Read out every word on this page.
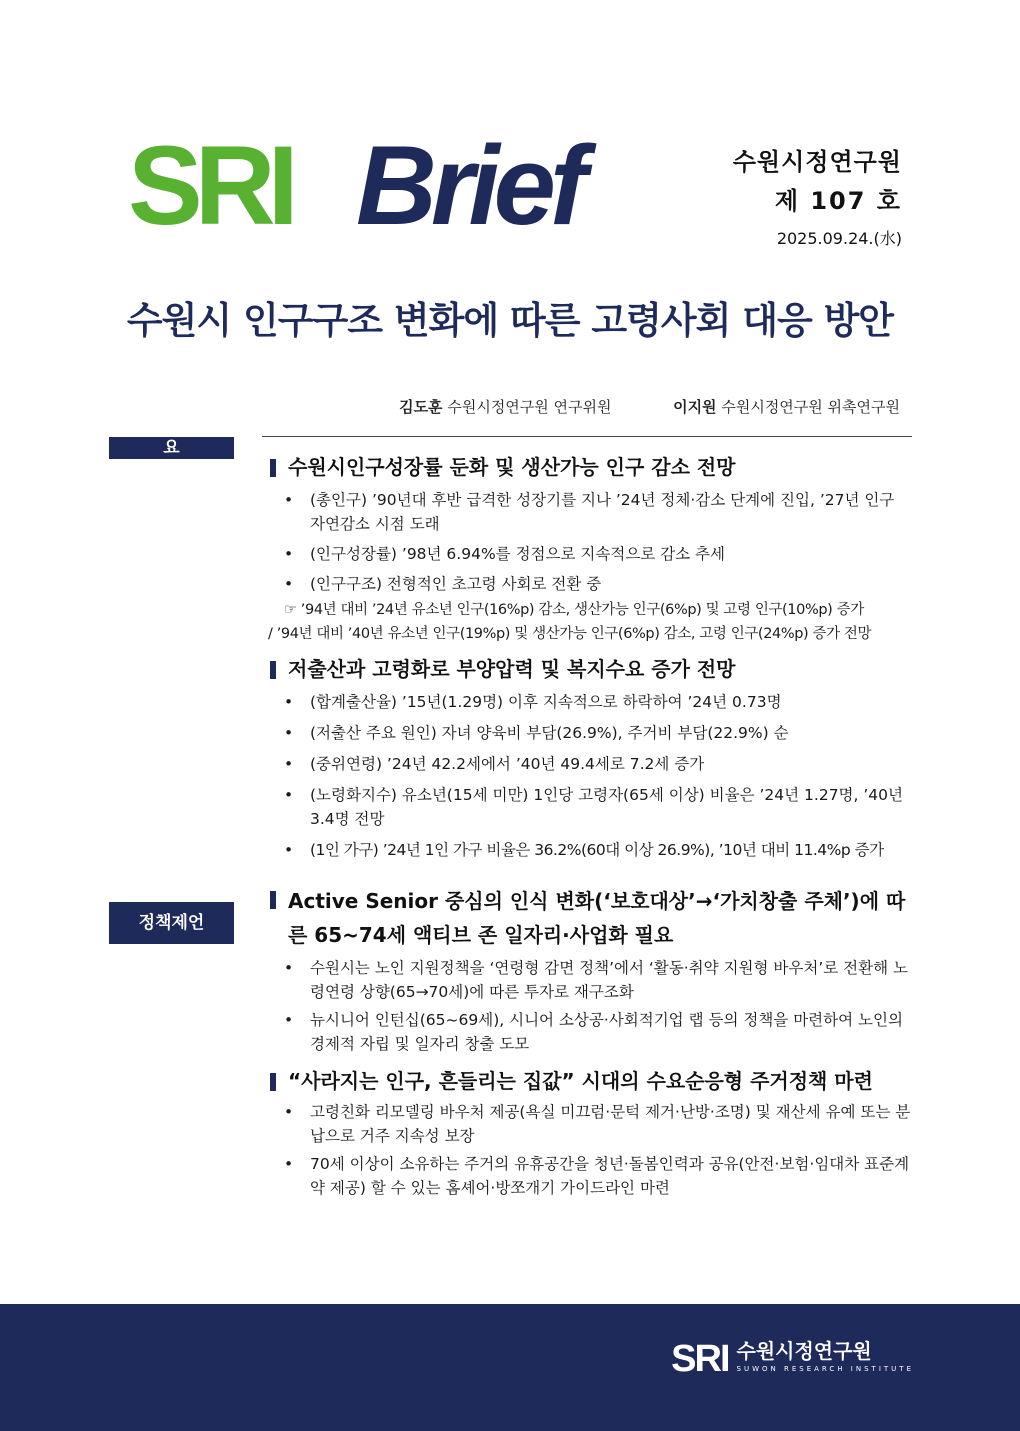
SRI Brief	수원시정연구원
제 107 호
2025.09.24.(水)
수원시 인구구조 변화에 따른 고령사회 대응 방안
김도훈 수원시정연구원 연구위원	이지원 수원시정연구원 위촉연구원
요 약
정책제언
수원시인구성장률 둔화 및 생산가능 인구 감소 전망
• (총인구) ’90년대 후반 급격한 성장기를 지나 ’24년 정체·감소 단계에 진입, ’27년 인구 자연감소 시점 도래
• (인구성장률) ’98년 6.94%를 정점으로 지속적으로 감소 추세
• (인구구조) 전형적인 초고령 사회로 전환 중
☞ ’94년 대비 ’24년 유소년 인구(16%p) 감소, 생산가능 인구(6%p) 및 고령 인구(10%p) 증가
/ ’94년 대비 ’40년 유소년 인구(19%p) 및 생산가능 인구(6%p) 감소, 고령 인구(24%p) 증가 전망
저출산과 고령화로 부양압력 및 복지수요 증가 전망
• (합계출산율) ’15년(1.29명) 이후 지속적으로 하락하여 ’24년 0.73명
• (저출산 주요 원인) 자녀 양육비 부담(26.9%), 주거비 부담(22.9%) 순
• (중위연령) ’24년 42.2세에서 ’40년 49.4세로 7.2세 증가
• (노령화지수) 유소년(15세 미만) 1인당 고령자(65세 이상) 비율은 ’24년 1.27명, ’40년 3.4명 전망
• (1인 가구) ’24년 1인 가구 비율은 36.2%(60대 이상 26.9%), ’10년 대비 11.4%p 증가
Active Senior 중심의 인식 변화(‘보호대상’→‘가치창출 주체’)에 따른 65~74세 액티브 존 일자리·사업화 필요
• 수원시는 노인 지원정책을 ‘연령형 감면 정책’에서 ‘활동·취약 지원형 바우처’로 전환해 노령연령 상향(65→70세)에 따른 투자로 재구조화
• 뉴시니어 인턴십(65~69세), 시니어 소상공·사회적기업 랩 등의 정책을 마련하여 노인의 경제적 자립 및 일자리 창출 도모
“사라지는 인구, 흔들리는 집값” 시대의 수요순응형 주거정책 마련
• 고령친화 리모델링 바우처 제공(욕실 미끄럼·문턱 제거·난방·조명) 및 재산세 유예 또는 분납으로 거주 지속성 보장
• 70세 이상이 소유하는 주거의 유휴공간을 청년·돌봄인력과 공유(안전·보험·임대차 표준계약 제공) 할 수 있는 홈셰어·방쪼개기 가이드라인 마련
SRI 수원시정연구원
SUWON RESEARCH INSTITUTE
